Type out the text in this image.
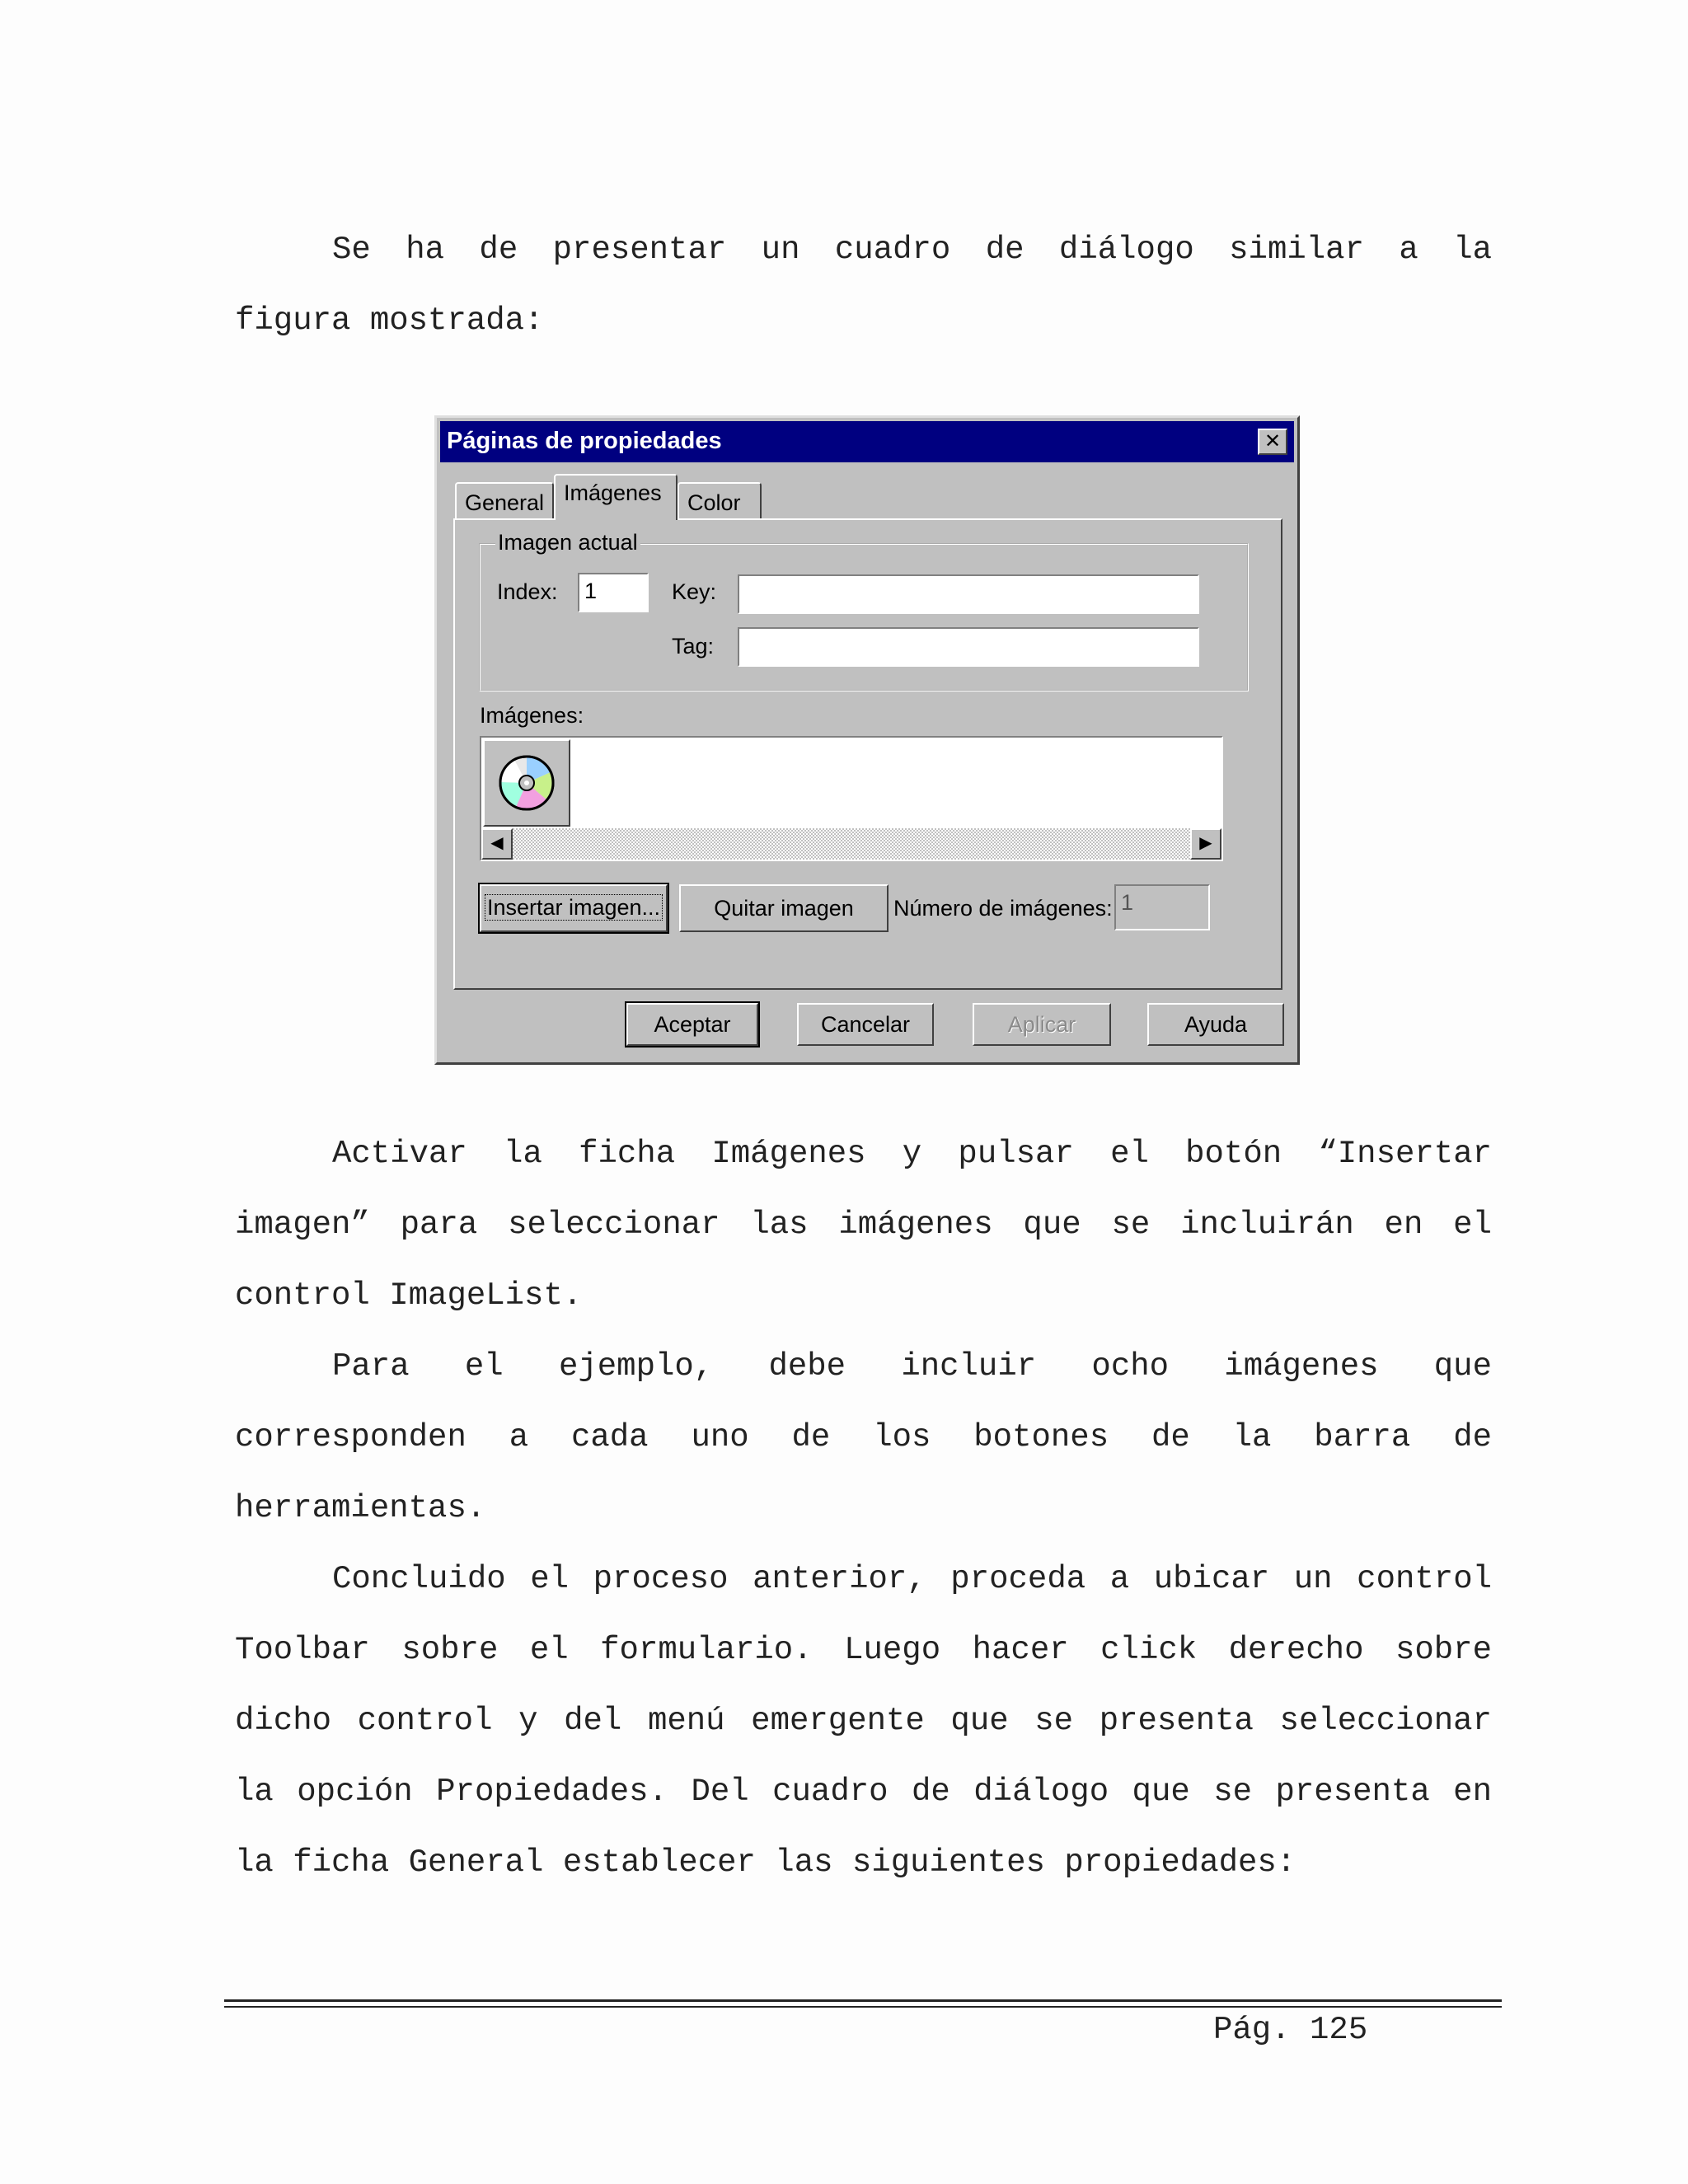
Se ha de presentar un cuadro de diálogo similar a la
figura mostrada:
Páginas de propiedades	✕
General Imágenes	Color
Imagen actual
Index: 1	Key:
Tag:
Imágenes:
◀	▶
Insertar imagen...	Quitar imagen	Número de imágenes: 1
Aceptar	Cancelar	Aplicar	Ayuda
Activar la ficha Imágenes y pulsar el botón “Insertar
imagen” para seleccionar las imágenes que se incluirán en el
control ImageList.
Para el ejemplo, debe incluir ocho imágenes que
corresponden a cada uno de los botones de la barra de
herramientas.
Concluido el proceso anterior, proceda a ubicar un control
Toolbar sobre el formulario. Luego hacer click derecho sobre
dicho control y del menú emergente que se presenta seleccionar
la opción Propiedades. Del cuadro de diálogo que se presenta en
la ficha General establecer las siguientes propiedades:
Pág. 125
